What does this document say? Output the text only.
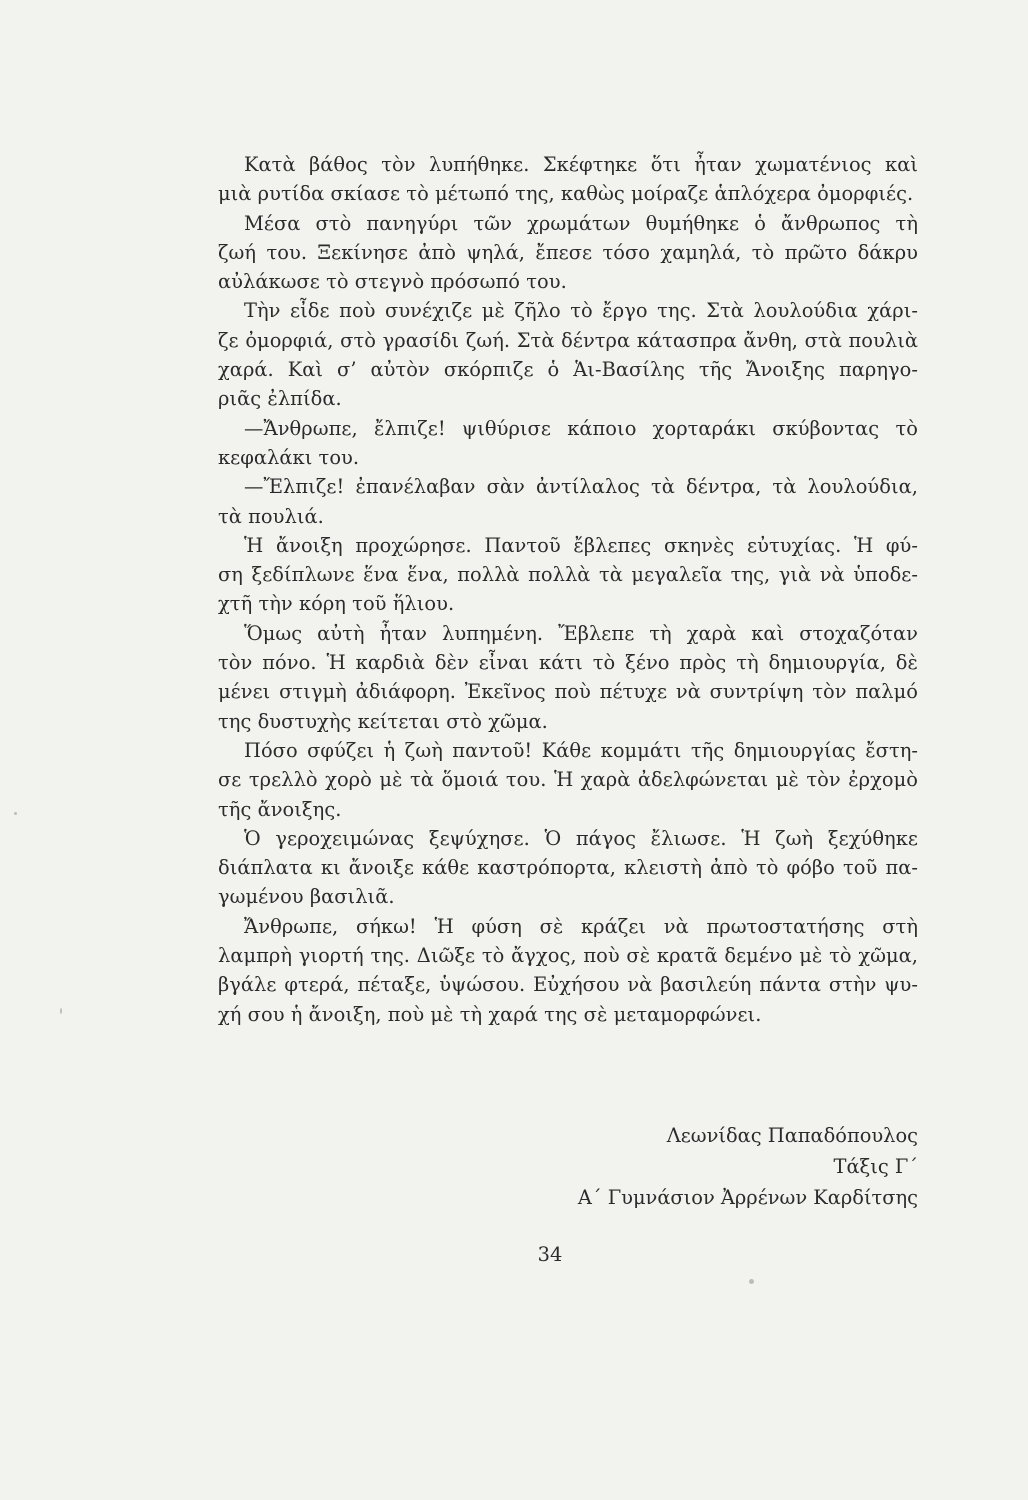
Κατὰ βάθος τὸν λυπήθηκε. Σκέφτηκε ὅτι ἦταν χωματένιος καὶ
μιὰ ρυτίδα σκίασε τὸ μέτωπό της, καθὼς μοίραζε ἁπλόχερα ὀμορφιές.
Μέσα στὸ πανηγύρι τῶν χρωμάτων θυμήθηκε ὁ ἄνθρωπος τὴ
ζωή του. Ξεκίνησε ἀπὸ ψηλά, ἔπεσε τόσο χαμηλά, τὸ πρῶτο δάκρυ
αὐλάκωσε τὸ στεγνὸ πρόσωπό του.
Τὴν εἶδε ποὺ συνέχιζε μὲ ζῆλο τὸ ἔργο της. Στὰ λουλούδια χάρι-
ζε ὀμορφιά, στὸ γρασίδι ζωή. Στὰ δέντρα κάτασπρα ἄνθη, στὰ πουλιὰ
χαρά. Καὶ σ’ αὐτὸν σκόρπιζε ὁ Ἁι-Βασίλης τῆς Ἄνοιξης παρηγο-
ριᾶς ἐλπίδα.
—Ἄνθρωπε, ἔλπιζε! ψιθύρισε κάποιο χορταράκι σκύβοντας τὸ
κεφαλάκι του.
—Ἔλπιζε! ἐπανέλαβαν σὰν ἀντίλαλος τὰ δέντρα, τὰ λουλούδια,
τὰ πουλιά.
Ἡ ἄνοιξη προχώρησε. Παντοῦ ἔβλεπες σκηνὲς εὐτυχίας. Ἡ φύ-
ση ξεδίπλωνε ἕνα ἕνα, πολλὰ πολλὰ τὰ μεγαλεῖα της, γιὰ νὰ ὑποδε-
χτῆ τὴν κόρη τοῦ ἥλιου.
Ὅμως αὐτὴ ἦταν λυπημένη. Ἔβλεπε τὴ χαρὰ καὶ στοχαζόταν
τὸν πόνο. Ἡ καρδιὰ δὲν εἶναι κάτι τὸ ξένο πρὸς τὴ δημιουργία, δὲ
μένει στιγμὴ ἀδιάφορη. Ἐκεῖνος ποὺ πέτυχε νὰ συντρίψη τὸν παλμό
της δυστυχὴς κείτεται στὸ χῶμα.
Πόσο σφύζει ἡ ζωὴ παντοῦ! Κάθε κομμάτι τῆς δημιουργίας ἔστη-
σε τρελλὸ χορὸ μὲ τὰ ὅμοιά του. Ἡ χαρὰ ἀδελφώνεται μὲ τὸν ἐρχομὸ
τῆς ἄνοιξης.
Ὁ γεροχειμώνας ξεψύχησε. Ὁ πάγος ἔλιωσε. Ἡ ζωὴ ξεχύθηκε
διάπλατα κι ἄνοιξε κάθε καστρόπορτα, κλειστὴ ἀπὸ τὸ φόβο τοῦ πα-
γωμένου βασιλιᾶ.
Ἄνθρωπε, σήκω! Ἡ φύση σὲ κράζει νὰ πρωτοστατήσης στὴ
λαμπρὴ γιορτή της. Διῶξε τὸ ἄγχος, ποὺ σὲ κρατᾶ δεμένο μὲ τὸ χῶμα,
βγάλε φτερά, πέταξε, ὑψώσου. Εὐχήσου νὰ βασιλεύη πάντα στὴν ψυ-
χή σου ἡ ἄνοιξη, ποὺ μὲ τὴ χαρά της σὲ μεταμορφώνει.
Λεωνίδας Παπαδόπουλος
Τάξις Γ΄
Α΄ Γυμνάσιον Ἀρρένων Καρδίτσης
34
